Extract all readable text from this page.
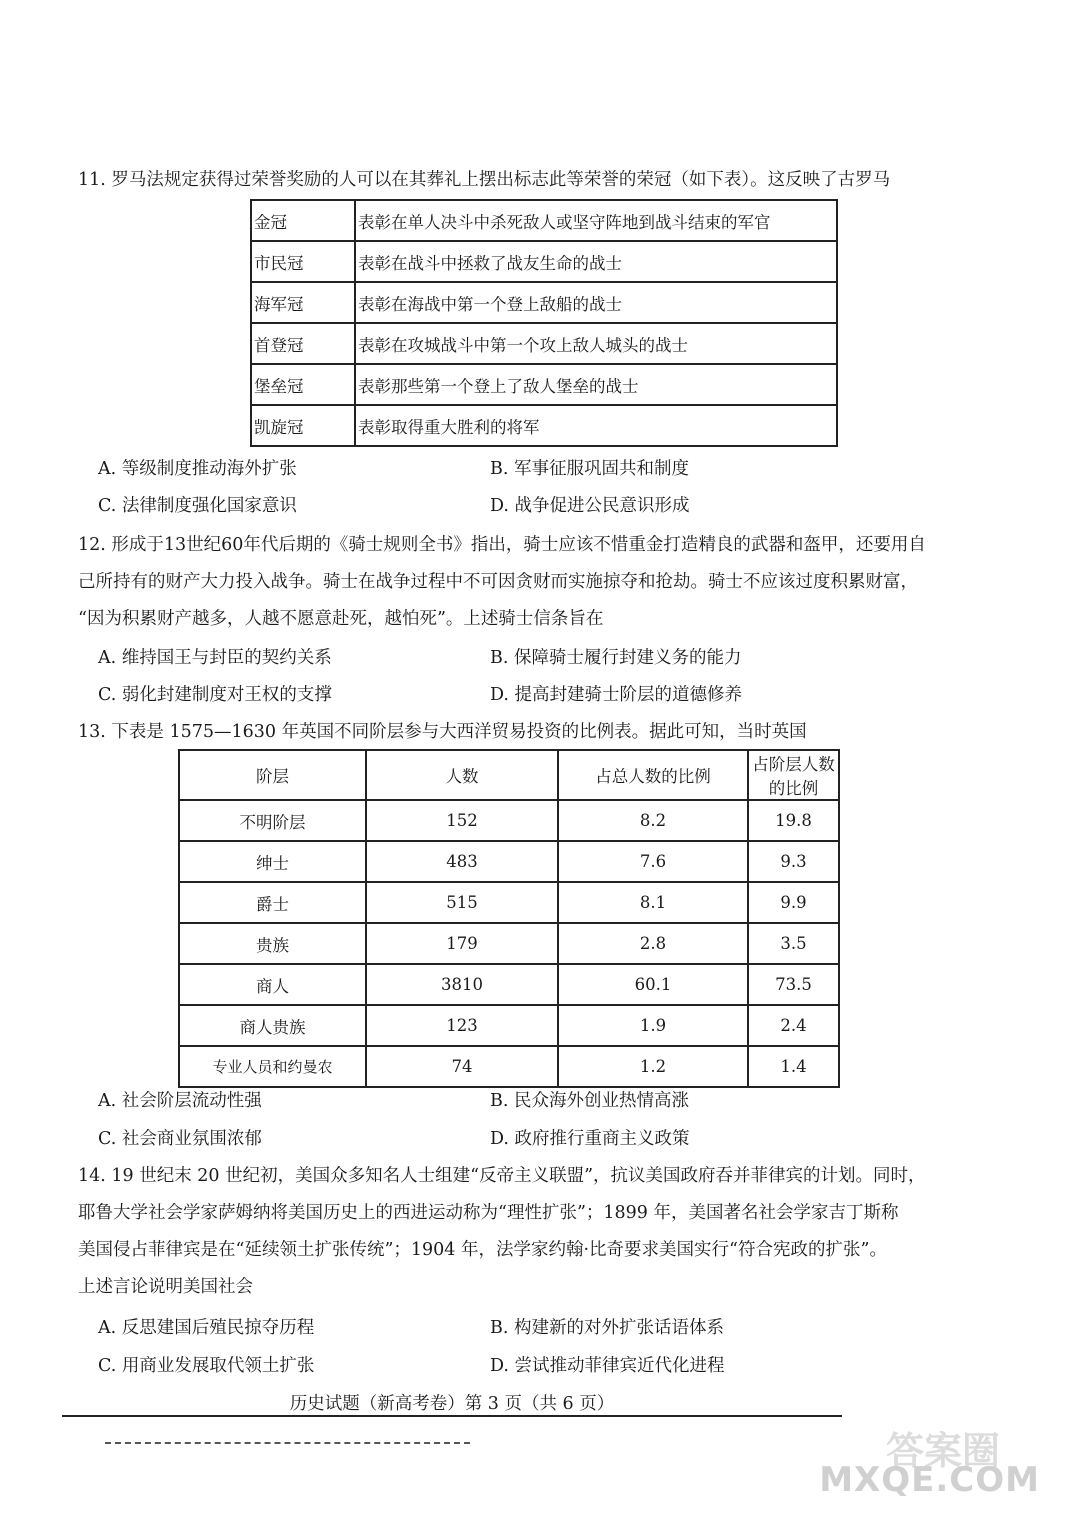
11. 罗马法规定获得过荣誉奖励的人可以在其葬礼上摆出标志此等荣誉的荣冠（如下表）。这反映了古罗马
金冠	表彰在单人决斗中杀死敌人或坚守阵地到战斗结束的军官
市民冠	表彰在战斗中拯救了战友生命的战士
海军冠	表彰在海战中第一个登上敌船的战士
首登冠	表彰在攻城战斗中第一个攻上敌人城头的战士
堡垒冠	表彰那些第一个登上了敌人堡垒的战士
凯旋冠	表彰取得重大胜利的将军
A. 等级制度推动海外扩张	B. 军事征服巩固共和制度
C. 法律制度强化国家意识	D. 战争促进公民意识形成
12. 形成于13世纪60年代后期的《骑士规则全书》指出，骑士应该不惜重金打造精良的武器和盔甲，还要用自
己所持有的财产大力投入战争。骑士在战争过程中不可因贪财而实施掠夺和抢劫。骑士不应该过度积累财富，
“因为积累财产越多，人越不愿意赴死，越怕死”。上述骑士信条旨在
A. 维持国王与封臣的契约关系	B. 保障骑士履行封建义务的能力
C. 弱化封建制度对王权的支撑	D. 提高封建骑士阶层的道德修养
13. 下表是 1575—1630 年英国不同阶层参与大西洋贸易投资的比例表。据此可知，当时英国
阶层	人数	占总人数的比例	占阶层人数的比例
不明阶层	152	8.2	19.8
绅士	483	7.6	9.3
爵士	515	8.1	9.9
贵族	179	2.8	3.5
商人	3810	60.1	73.5
商人贵族	123	1.9	2.4
专业人员和约曼农	74	1.2	1.4
A. 社会阶层流动性强	B. 民众海外创业热情高涨
C. 社会商业氛围浓郁	D. 政府推行重商主义政策
14. 19 世纪末 20 世纪初，美国众多知名人士组建“反帝主义联盟”，抗议美国政府吞并菲律宾的计划。同时，
耶鲁大学社会学家萨姆纳将美国历史上的西进运动称为“理性扩张”；1899 年，美国著名社会学家吉丁斯称
美国侵占菲律宾是在“延续领土扩张传统”；1904 年，法学家约翰·比奇要求美国实行“符合宪政的扩张”。
上述言论说明美国社会
A. 反思建国后殖民掠夺历程	B. 构建新的对外扩张话语体系
C. 用商业发展取代领土扩张	D. 尝试推动菲律宾近代化进程
历史试题（新高考卷）第 3 页（共 6 页）
答案圈
MXQE.COM
